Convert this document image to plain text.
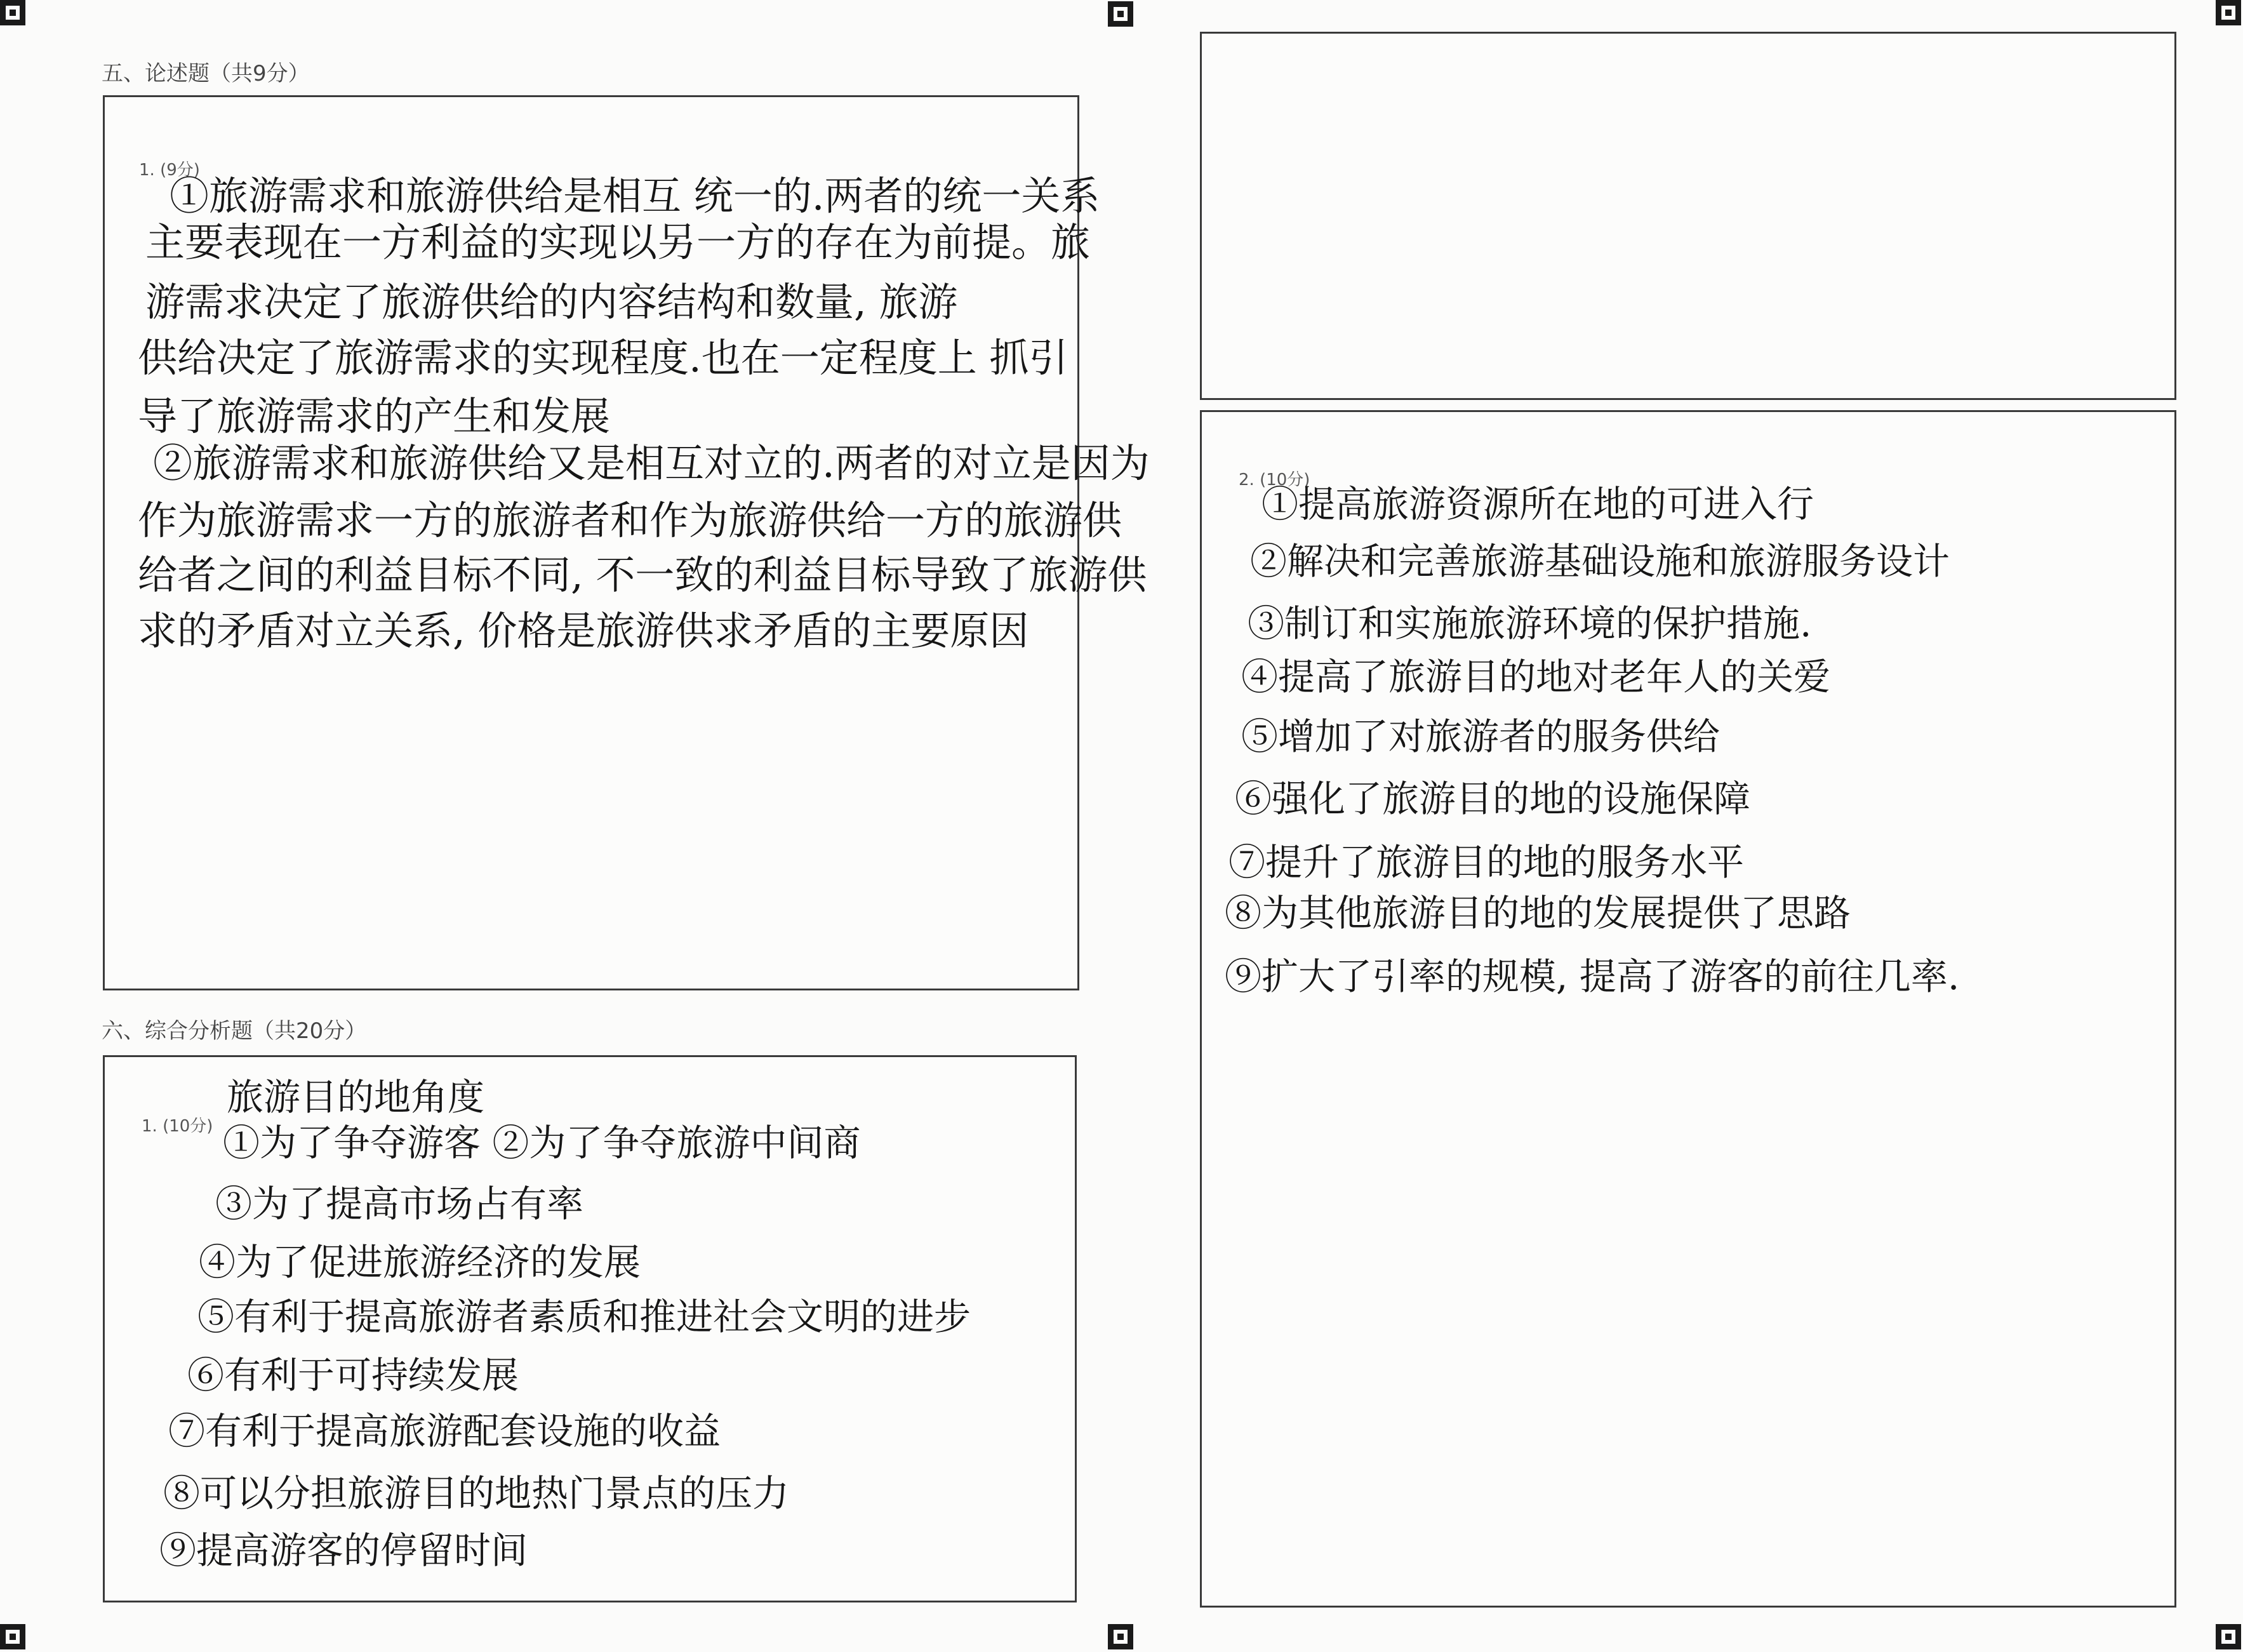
五、论述题（共9分）
1. (9分)
①旅游需求和旅游供给是相互 统一的.两者的统一关系
主要表现在一方利益的实现以另一方的存在为前提。旅
游需求决定了旅游供给的内容结构和数量, 旅游
供给决定了旅游需求的实现程度.也在一定程度上 抓引
导了旅游需求的产生和发展
②旅游需求和旅游供给又是相互对立的.两者的对立是因为
作为旅游需求一方的旅游者和作为旅游供给一方的旅游供
给者之间的利益目标不同, 不一致的利益目标导致了旅游供
求的矛盾对立关系, 价格是旅游供求矛盾的主要原因
六、综合分析题（共20分）
1. (10分)
旅游目的地角度
①为了争夺游客 ②为了争夺旅游中间商
③为了提高市场占有率
④为了促进旅游经济的发展
⑤有利于提高旅游者素质和推进社会文明的进步
⑥有利于可持续发展
⑦有利于提高旅游配套设施的收益
⑧可以分担旅游目的地热门景点的压力
⑨提高游客的停留时间
2. (10分)
①提高旅游资源所在地的可进入行
②解决和完善旅游基础设施和旅游服务设计
③制订和实施旅游环境的保护措施.
④提高了旅游目的地对老年人的关爱
⑤增加了对旅游者的服务供给
⑥强化了旅游目的地的设施保障
⑦提升了旅游目的地的服务水平
⑧为其他旅游目的地的发展提供了思路
⑨扩大了引率的规模, 提高了游客的前往几率.
